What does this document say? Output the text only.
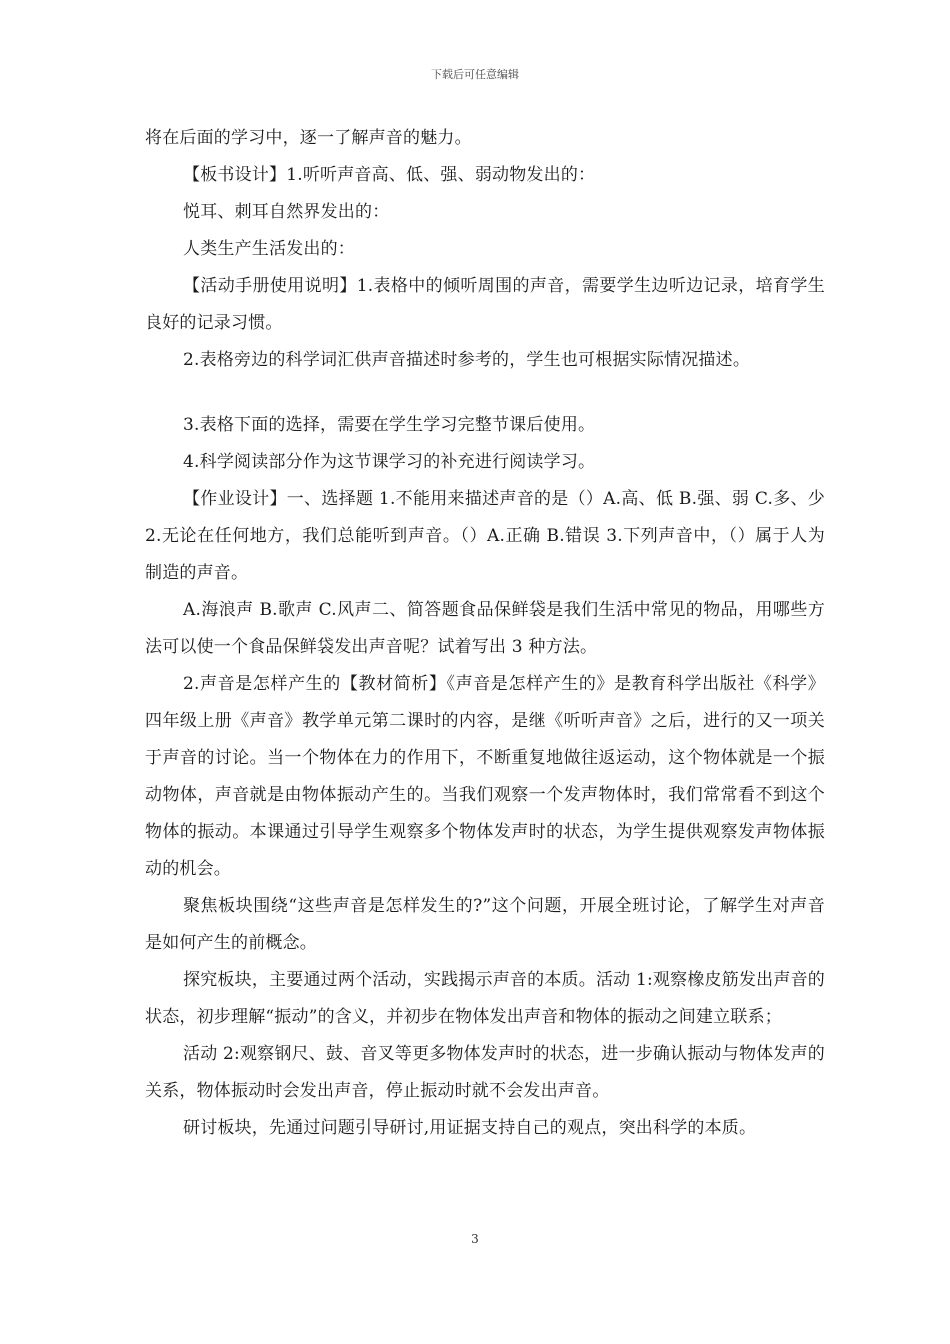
下载后可任意编辑

将在后面的学习中，逐一了解声音的魅力。

【板书设计】1.听听声音高、低、强、弱动物发出的：

悦耳、刺耳自然界发出的：

人类生产生活发出的：

【活动手册使用说明】1.表格中的倾听周围的声音，需要学生边听边记录，培育学生良好的记录习惯。

2.表格旁边的科学词汇供声音描述时参考的，学生也可根据实际情况描述。

3.表格下面的选择，需要在学生学习完整节课后使用。

4.科学阅读部分作为这节课学习的补充进行阅读学习。

【作业设计】一、选择题 1.不能用来描述声音的是（）A.高、低 B.强、弱 C.多、少 2.无论在任何地方，我们总能听到声音。（）A.正确 B.错误 3.下列声音中，（）属于人为制造的声音。

A.海浪声 B.歌声 C.风声二、简答题食品保鲜袋是我们生活中常见的物品，用哪些方法可以使一个食品保鲜袋发出声音呢？试着写出 3 种方法。

2.声音是怎样产生的【教材简析】《声音是怎样产生的》是教育科学出版社《科学》四年级上册《声音》教学单元第二课时的内容，是继《听听声音》之后，进行的又一项关于声音的讨论。当一个物体在力的作用下，不断重复地做往返运动，这个物体就是一个振动物体，声音就是由物体振动产生的。当我们观察一个发声物体时，我们常常看不到这个物体的振动。本课通过引导学生观察多个物体发声时的状态，为学生提供观察发声物体振动的机会。

聚焦板块围绕“这些声音是怎样发生的?”这个问题，开展全班讨论，了解学生对声音是如何产生的前概念。

探究板块，主要通过两个活动，实践揭示声音的本质。活动 1:观察橡皮筋发出声音的状态，初步理解“振动”的含义，并初步在物体发出声音和物体的振动之间建立联系；

活动 2:观察钢尺、鼓、音叉等更多物体发声时的状态，进一步确认振动与物体发声的关系，物体振动时会发出声音，停止振动时就不会发出声音。

研讨板块，先通过问题引导研讨,用证据支持自己的观点，突出科学的本质。

3
